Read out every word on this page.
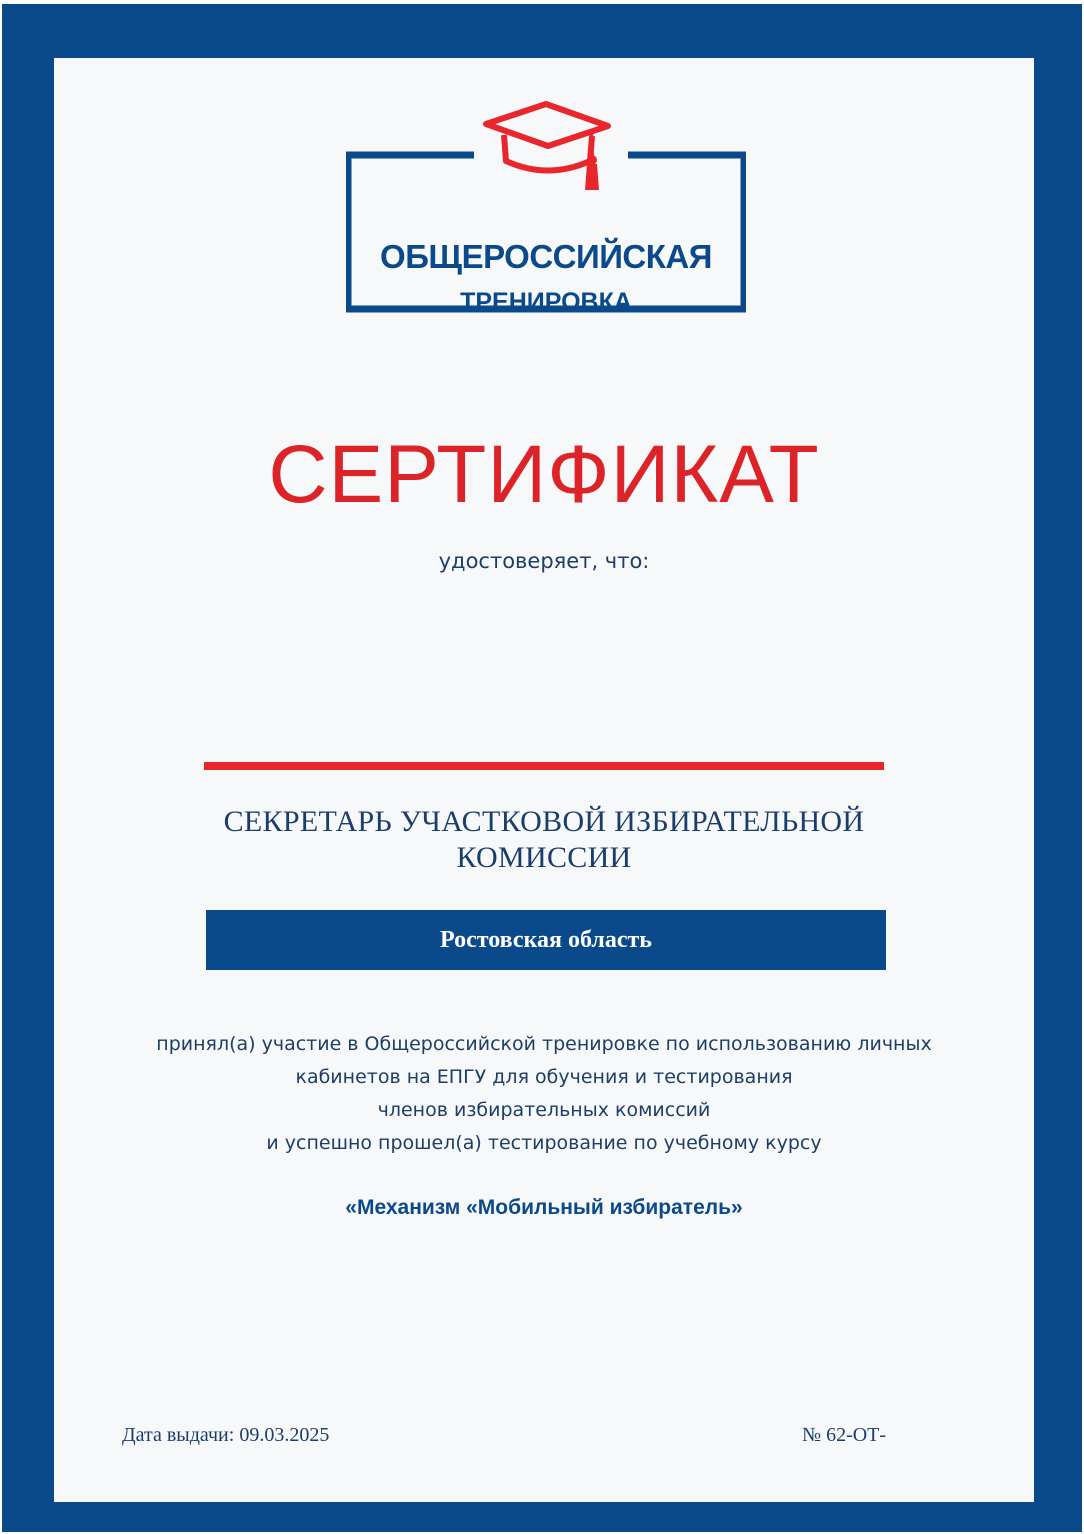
ОБЩЕРОССИЙСКАЯ
ТРЕНИРОВКА
СЕРТИФИКАТ
удостоверяет, что:
СЕКРЕТАРЬ УЧАСТКОВОЙ ИЗБИРАТЕЛЬНОЙ
КОМИССИИ
Ростовская область
принял(а) участие в Общероссийской тренировке по использованию личных
кабинетов на ЕПГУ для обучения и тестирования
членов избирательных комиссий
и успешно прошел(а) тестирование по учебному курсу
«Механизм «Мобильный избиратель»
Дата выдачи: 09.03.2025	№ 62-ОТ-
